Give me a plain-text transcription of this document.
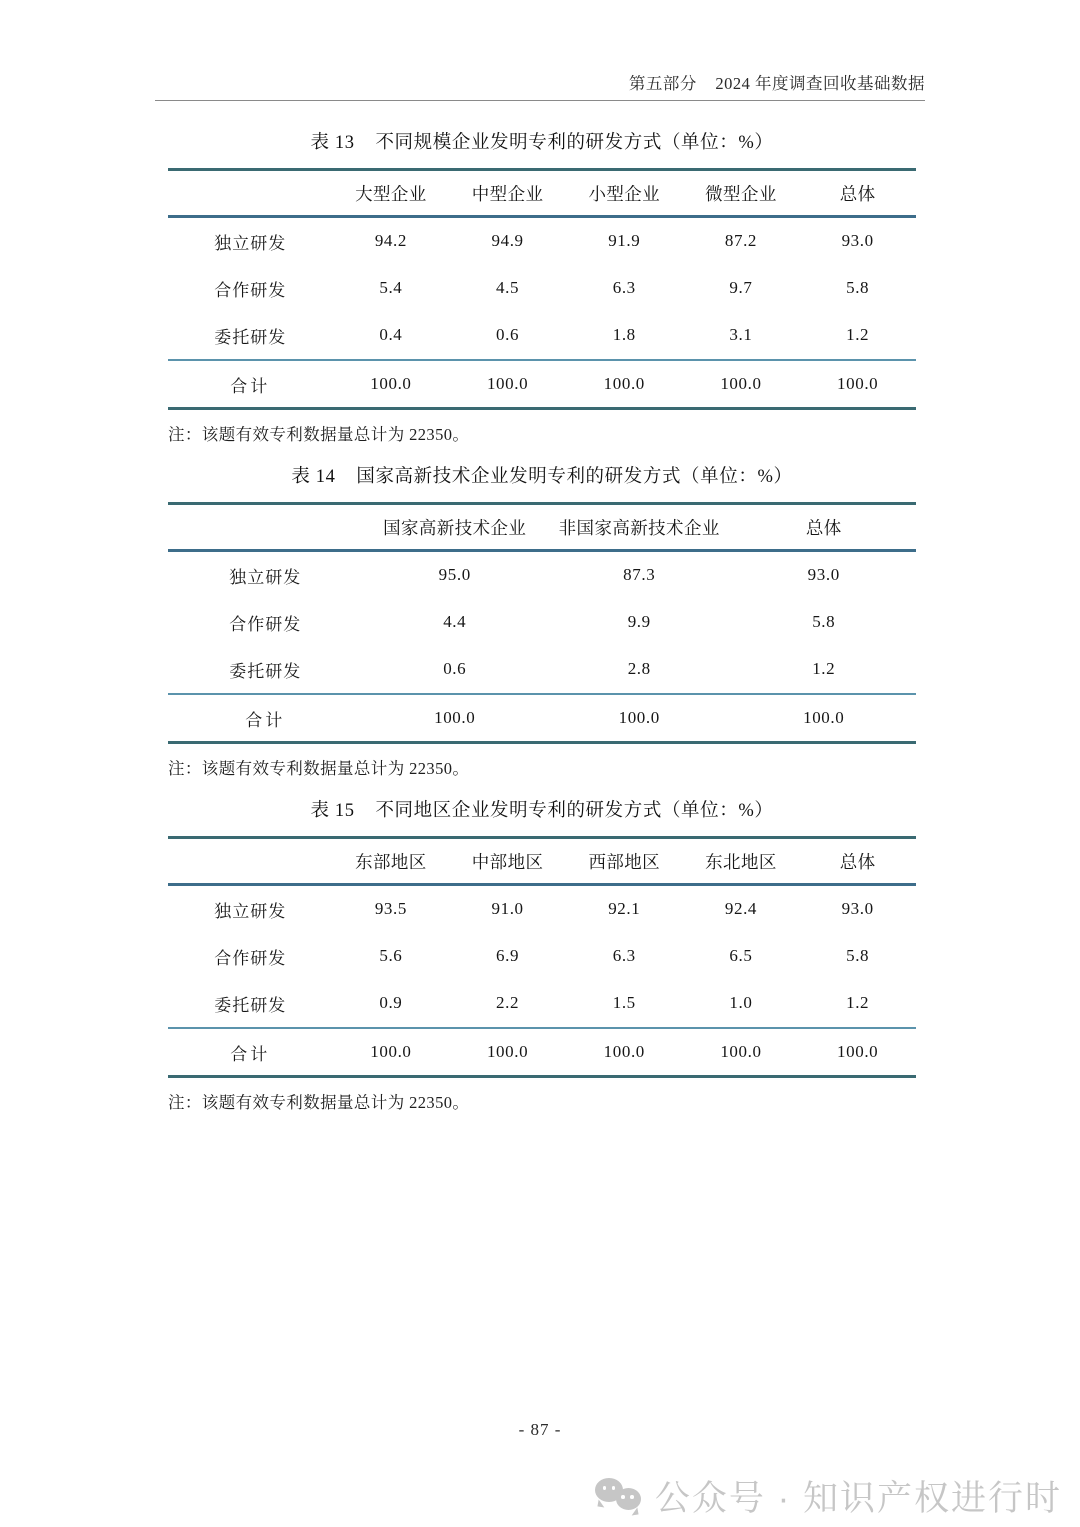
第五部分    2024 年度调查回收基础数据
表 13    不同规模企业发明专利的研发方式（单位：%）
	大型企业	中型企业	小型企业	微型企业	总体
独立研发	94.2	94.9	91.9	87.2	93.0
合作研发	5.4	4.5	6.3	9.7	5.8
委托研发	0.4	0.6	1.8	3.1	1.2
合计	100.0	100.0	100.0	100.0	100.0
注：该题有效专利数据量总计为 22350。
表 14    国家高新技术企业发明专利的研发方式（单位：%）
	国家高新技术企业	非国家高新技术企业	总体
独立研发	95.0	87.3	93.0
合作研发	4.4	9.9	5.8
委托研发	0.6	2.8	1.2
合计	100.0	100.0	100.0
注：该题有效专利数据量总计为 22350。
表 15    不同地区企业发明专利的研发方式（单位：%）
	东部地区	中部地区	西部地区	东北地区	总体
独立研发	93.5	91.0	92.1	92.4	93.0
合作研发	5.6	6.9	6.3	6.5	5.8
委托研发	0.9	2.2	1.5	1.0	1.2
合计	100.0	100.0	100.0	100.0	100.0
注：该题有效专利数据量总计为 22350。
- 87 -
公众号 · 知识产权进行时
